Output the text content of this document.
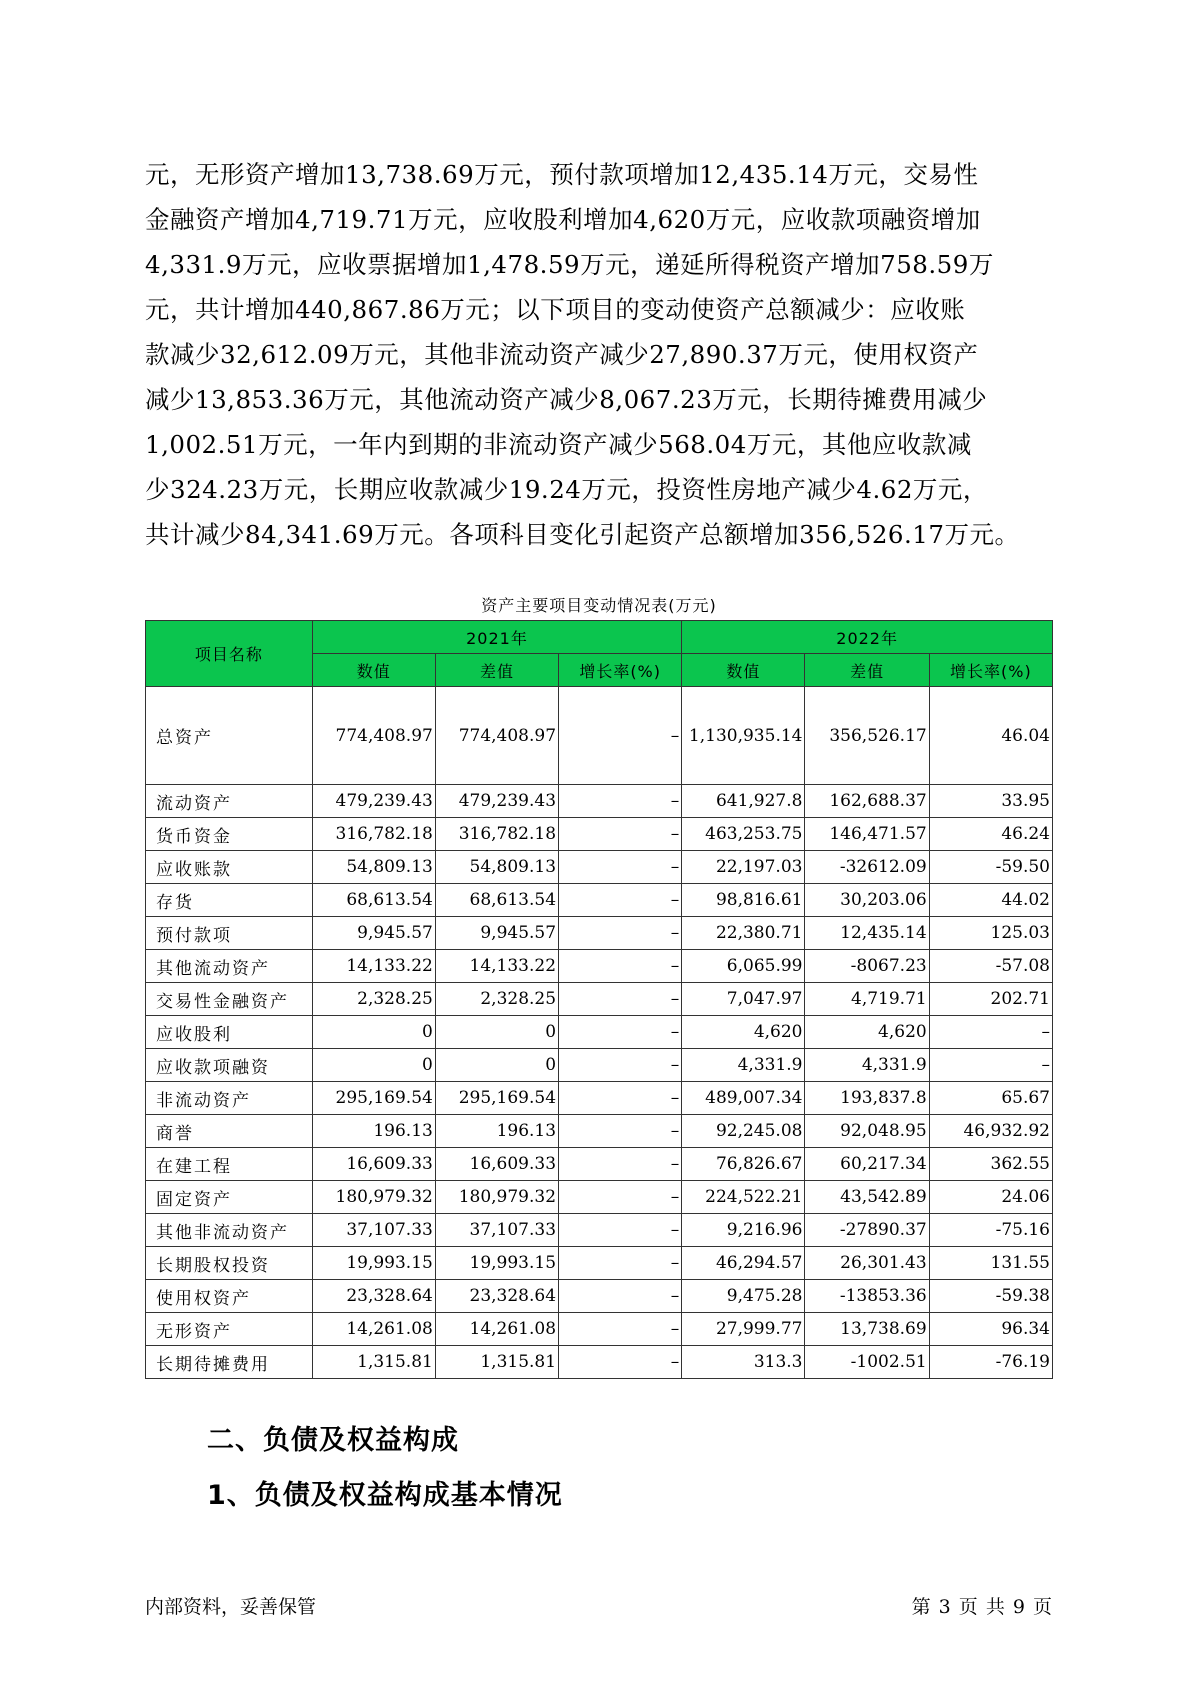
元，无形资产增加13,738.69万元，预付款项增加12,435.14万元，交易性
金融资产增加4,719.71万元，应收股利增加4,620万元，应收款项融资增加
4,331.9万元，应收票据增加1,478.59万元，递延所得税资产增加758.59万
元，共计增加440,867.86万元；以下项目的变动使资产总额减少：应收账
款减少32,612.09万元，其他非流动资产减少27,890.37万元，使用权资产
减少13,853.36万元，其他流动资产减少8,067.23万元，长期待摊费用减少
1,002.51万元，一年内到期的非流动资产减少568.04万元，其他应收款减
少324.23万元，长期应收款减少19.24万元，投资性房地产减少4.62万元，
共计减少84,341.69万元。各项科目变化引起资产总额增加356,526.17万元。
资产主要项目变动情况表(万元)
项目名称	2021年			2022年		
	数值	差值	增长率(%)	数值	差值	增长率(%)
总资产	774,408.97	774,408.97	–	1,130,935.14	356,526.17	46.04
流动资产	479,239.43	479,239.43	–	641,927.8	162,688.37	33.95
货币资金	316,782.18	316,782.18	–	463,253.75	146,471.57	46.24
应收账款	54,809.13	54,809.13	–	22,197.03	-32612.09	-59.50
存货	68,613.54	68,613.54	–	98,816.61	30,203.06	44.02
预付款项	9,945.57	9,945.57	–	22,380.71	12,435.14	125.03
其他流动资产	14,133.22	14,133.22	–	6,065.99	-8067.23	-57.08
交易性金融资产	2,328.25	2,328.25	–	7,047.97	4,719.71	202.71
应收股利	0	0	–	4,620	4,620	–
应收款项融资	0	0	–	4,331.9	4,331.9	–
非流动资产	295,169.54	295,169.54	–	489,007.34	193,837.8	65.67
商誉	196.13	196.13	–	92,245.08	92,048.95	46,932.92
在建工程	16,609.33	16,609.33	–	76,826.67	60,217.34	362.55
固定资产	180,979.32	180,979.32	–	224,522.21	43,542.89	24.06
其他非流动资产	37,107.33	37,107.33	–	9,216.96	-27890.37	-75.16
长期股权投资	19,993.15	19,993.15	–	46,294.57	26,301.43	131.55
使用权资产	23,328.64	23,328.64	–	9,475.28	-13853.36	-59.38
无形资产	14,261.08	14,261.08	–	27,999.77	13,738.69	96.34
长期待摊费用	1,315.81	1,315.81	–	313.3	-1002.51	-76.19
二、负债及权益构成
1、负债及权益构成基本情况
内部资料，妥善保管	第 3 页 共 9 页
